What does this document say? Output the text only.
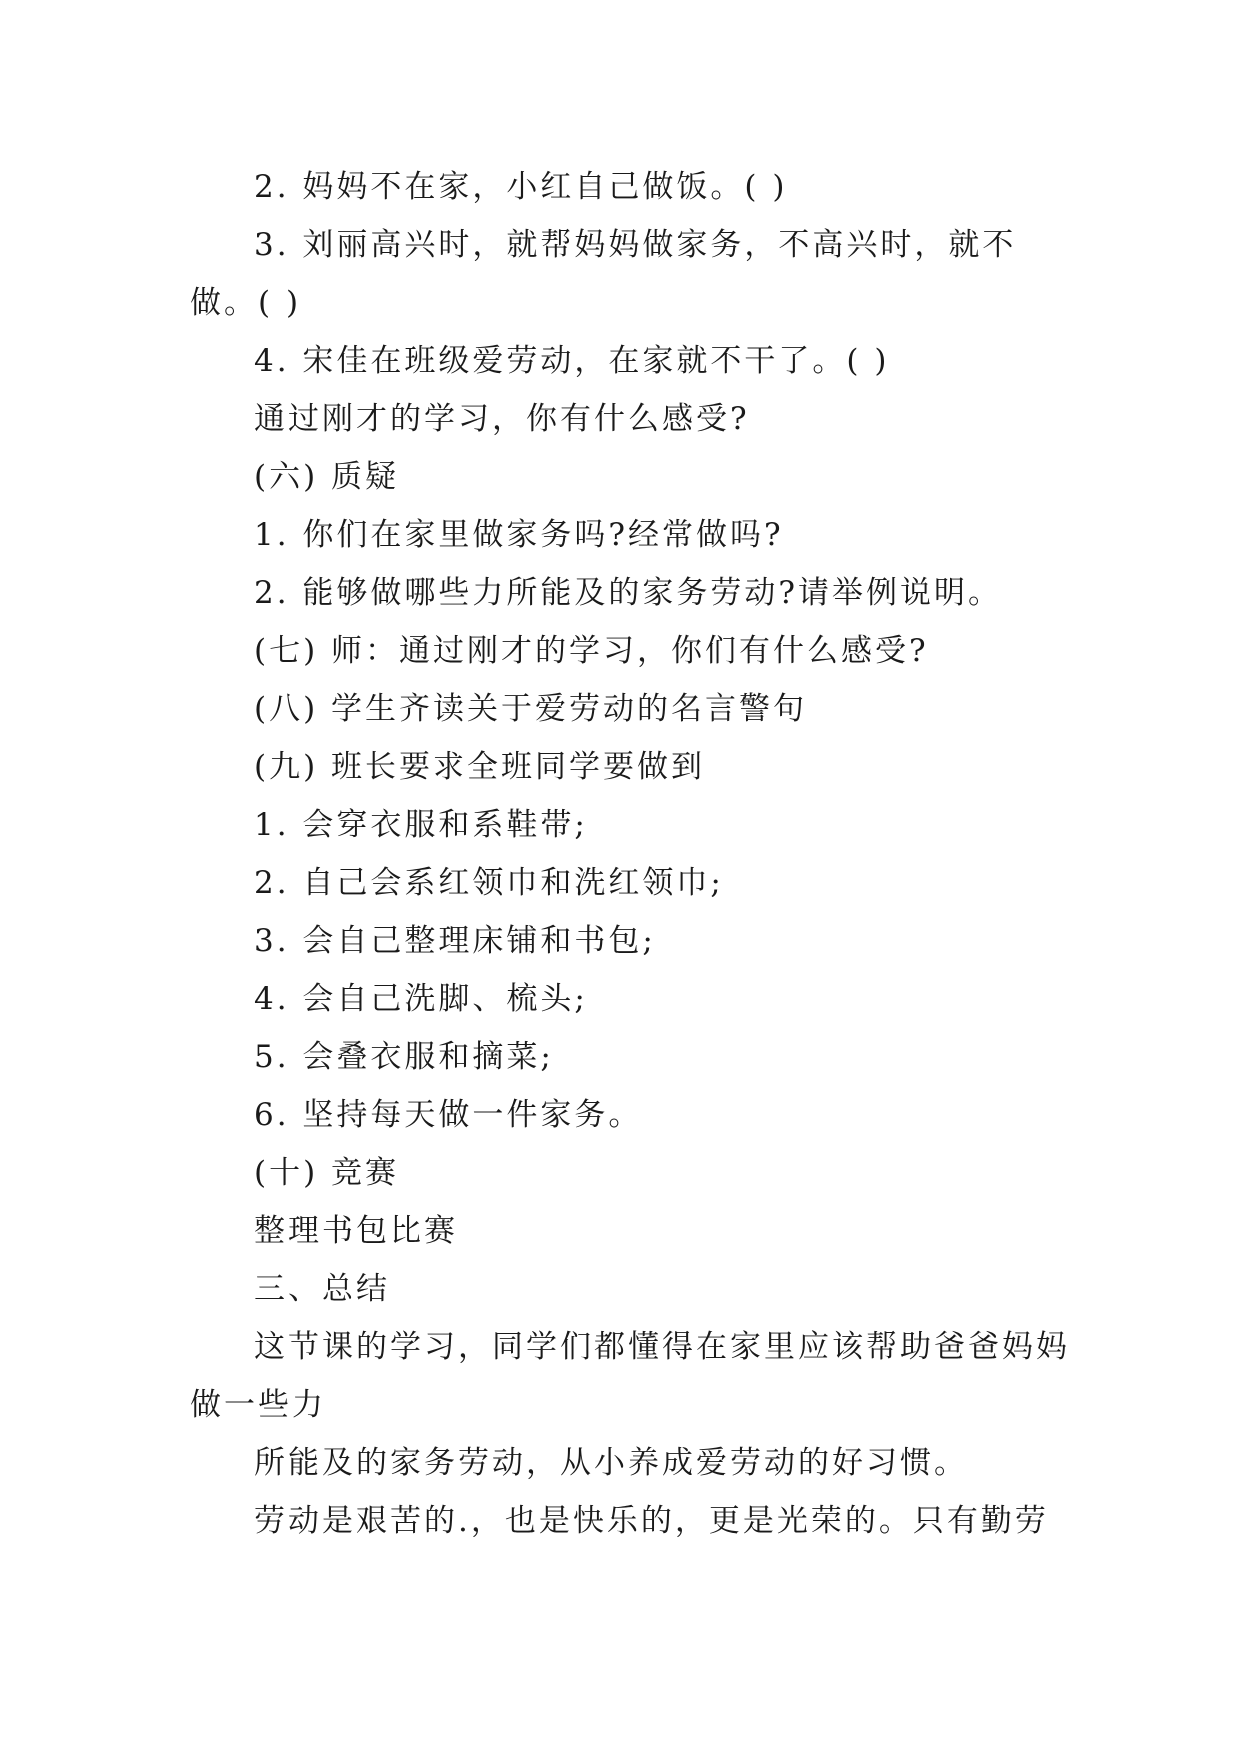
2. 妈妈不在家，小红自己做饭。( )

3. 刘丽高兴时，就帮妈妈做家务，不高兴时，就不做。( )

4. 宋佳在班级爱劳动，在家就不干了。( )

通过刚才的学习，你有什么感受?

(六) 质疑

1. 你们在家里做家务吗?经常做吗?

2. 能够做哪些力所能及的家务劳动?请举例说明。

(七) 师：通过刚才的学习，你们有什么感受?

(八) 学生齐读关于爱劳动的名言警句

(九) 班长要求全班同学要做到

1. 会穿衣服和系鞋带;

2. 自己会系红领巾和洗红领巾;

3. 会自己整理床铺和书包;

4. 会自己洗脚、梳头;

5. 会叠衣服和摘菜;

6. 坚持每天做一件家务。

(十) 竞赛

整理书包比赛

三、总结

这节课的学习，同学们都懂得在家里应该帮助爸爸妈妈做一些力

所能及的家务劳动，从小养成爱劳动的好习惯。

劳动是艰苦的.，也是快乐的，更是光荣的。只有勤劳
